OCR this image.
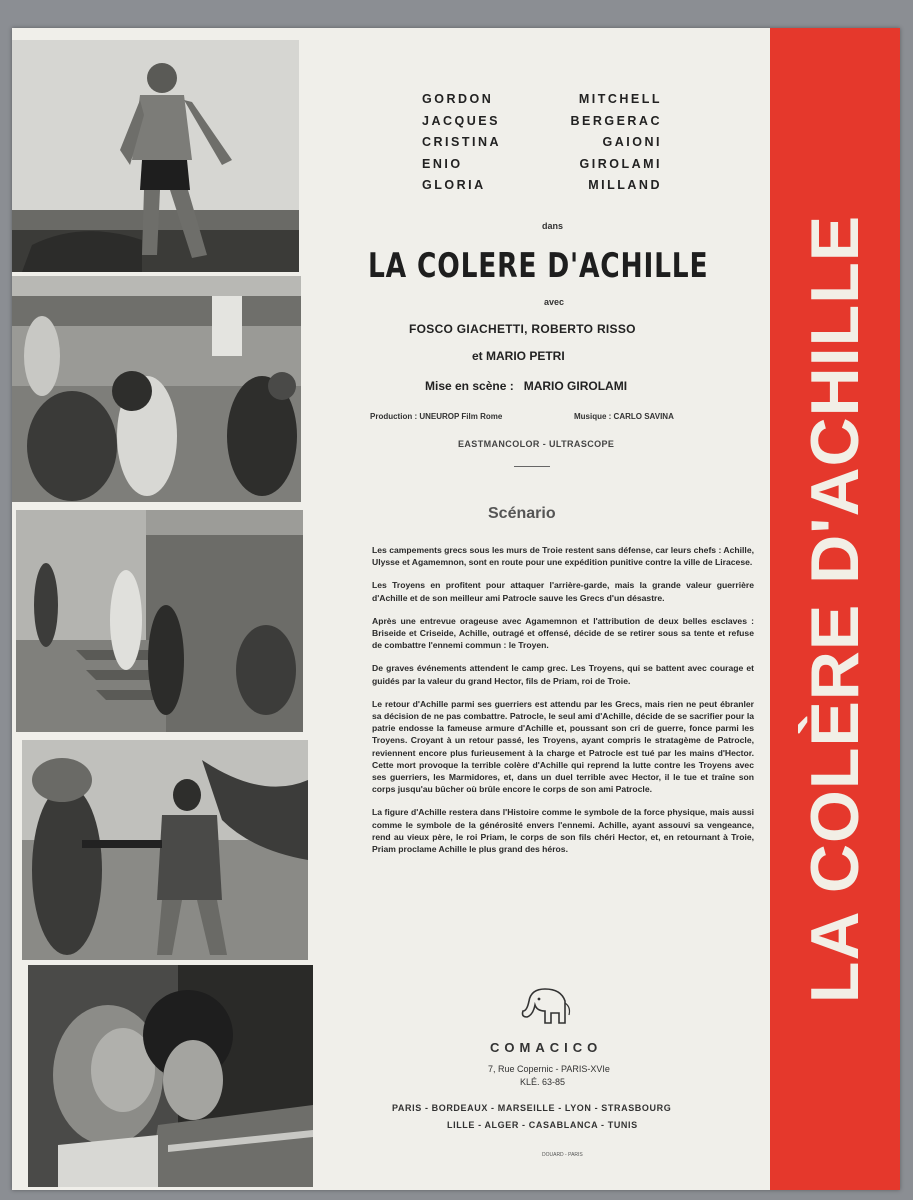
GORDON	MITCHELL
JACQUES	BERGERAC
CRISTINA	GAIONI
ENIO	GIROLAMI
GLORIA	MILLAND
dans
LA COLERE D'ACHILLE
avec
FOSCO GIACHETTI, ROBERTO RISSO
et MARIO PETRI
Mise en scène : MARIO GIROLAMI
Production : UNEUROP Film Rome	Musique : CARLO SAVINA
EASTMANCOLOR - ULTRASCOPE
Scénario

Les campements grecs sous les murs de Troie restent sans défense, car leurs chefs : Achille, Ulysse et Agamemnon, sont en route pour une expédition punitive contre la ville de Liracese.

Les Troyens en profitent pour attaquer l'arrière-garde, mais la grande valeur guerrière d'Achille et de son meilleur ami Patrocle sauve les Grecs d'un désastre.

Après une entrevue orageuse avec Agamemnon et l'attribution de deux belles esclaves : Briseide et Criseide, Achille, outragé et offensé, décide de se retirer sous sa tente et refuse de combattre l'ennemi commun : le Troyen.

De graves événements attendent le camp grec. Les Troyens, qui se battent avec courage et guidés par la valeur du grand Hector, fils de Priam, roi de Troie.

Le retour d'Achille parmi ses guerriers est attendu par les Grecs, mais rien ne peut ébranler sa décision de ne pas combattre. Patrocle, le seul ami d'Achille, décide de se sacrifier pour la patrie endosse la fameuse armure d'Achille et, poussant son cri de guerre, fonce parmi les Troyens. Croyant à un retour passé, les Troyens, ayant compris le stratagème de Patrocle, reviennent encore plus furieusement à la charge et Patrocle est tué par les mains d'Hector. Cette mort provoque la terrible colère d'Achille qui reprend la lutte contre les Troyens avec ses guerriers, les Marmidores, et, dans un duel terrible avec Hector, il le tue et traîne son corps jusqu'au bûcher où brûle encore le corps de son ami Patrocle.

La figure d'Achille restera dans l'Histoire comme le symbole de la force physique, mais aussi comme le symbole de la générosité envers l'ennemi. Achille, ayant assouvi sa vengeance, rend au vieux père, le roi Priam, le corps de son fils chéri Hector, et, en retournant à Troie, Priam proclame Achille le plus grand des héros.

COMACICO
7, Rue Copernic - PARIS-XVIe
KLÉ. 63-85
PARIS - BORDEAUX - MARSEILLE - LYON - STRASBOURG
LILLE - ALGER - CASABLANCA - TUNIS
DOUARD - PARIS
LA COLÈRE D'ACHILLE
